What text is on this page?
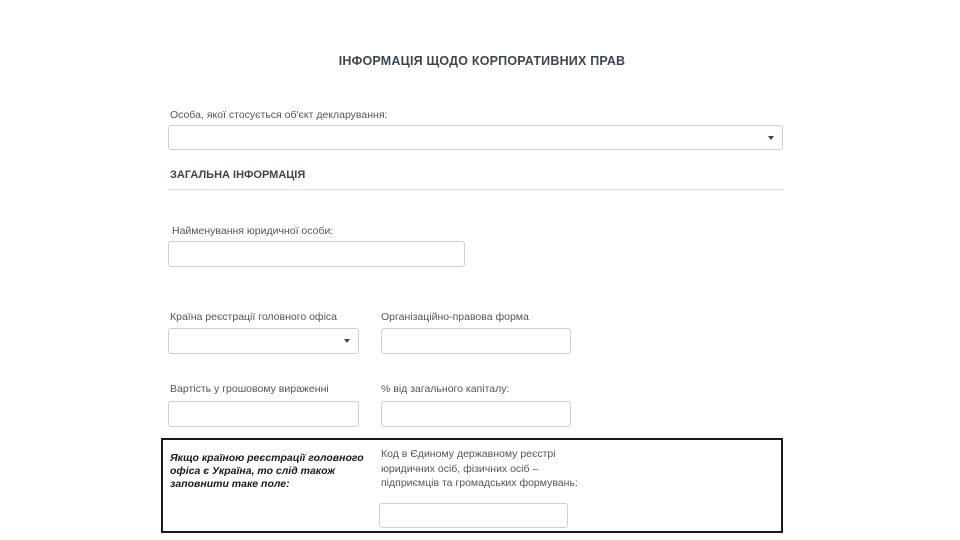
ІНФОРМАЦІЯ ЩОДО КОРПОРАТИВНИХ ПРАВ
Особа, якої стосується об'єкт декларування:
ЗАГАЛЬНА ІНФОРМАЦІЯ
Найменування юридичної особи:
Країна реєстрації головного офіса	Організаційно-правова форма
Вартість у грошовому вираженні	% від загального капіталу:
Якщо країною реєстрації головного офіса є Україна, то слід також заповнити таке поле:
Код в Єдиному державному реєстрі юридичних осіб, фізичних осіб – підприємців та громадських формувань:
